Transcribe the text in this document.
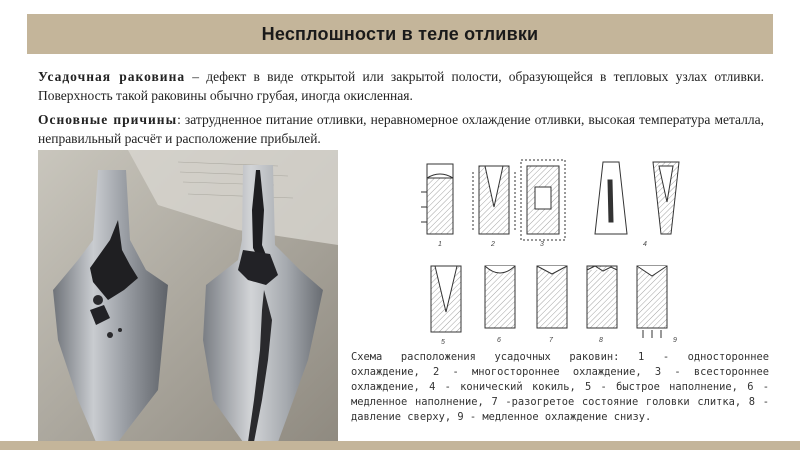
Несплошности в теле отливки

Усадочная раковина – дефект в виде открытой или закрытой полости, образующейся в тепловых узлах отливки. Поверхность такой раковины обычно грубая, иногда окисленная.

Основные причины: затрудненное питание отливки, неравномерное охлаждение отливки, высокая температура металла, неправильный расчёт и расположение прибылей.

1	2	3	4
5	6	7	8	9
Схема расположения усадочных раковин: 1 - одностороннее охлаждение, 2 - многостороннее охлаждение, 3 - всестороннее охлаждение, 4 - конический кокиль, 5 - быстрое наполнение, 6 - медленное наполнение, 7 -разогретое состояние головки слитка, 8 - давление сверху, 9 - медленное охлаждение снизу.
